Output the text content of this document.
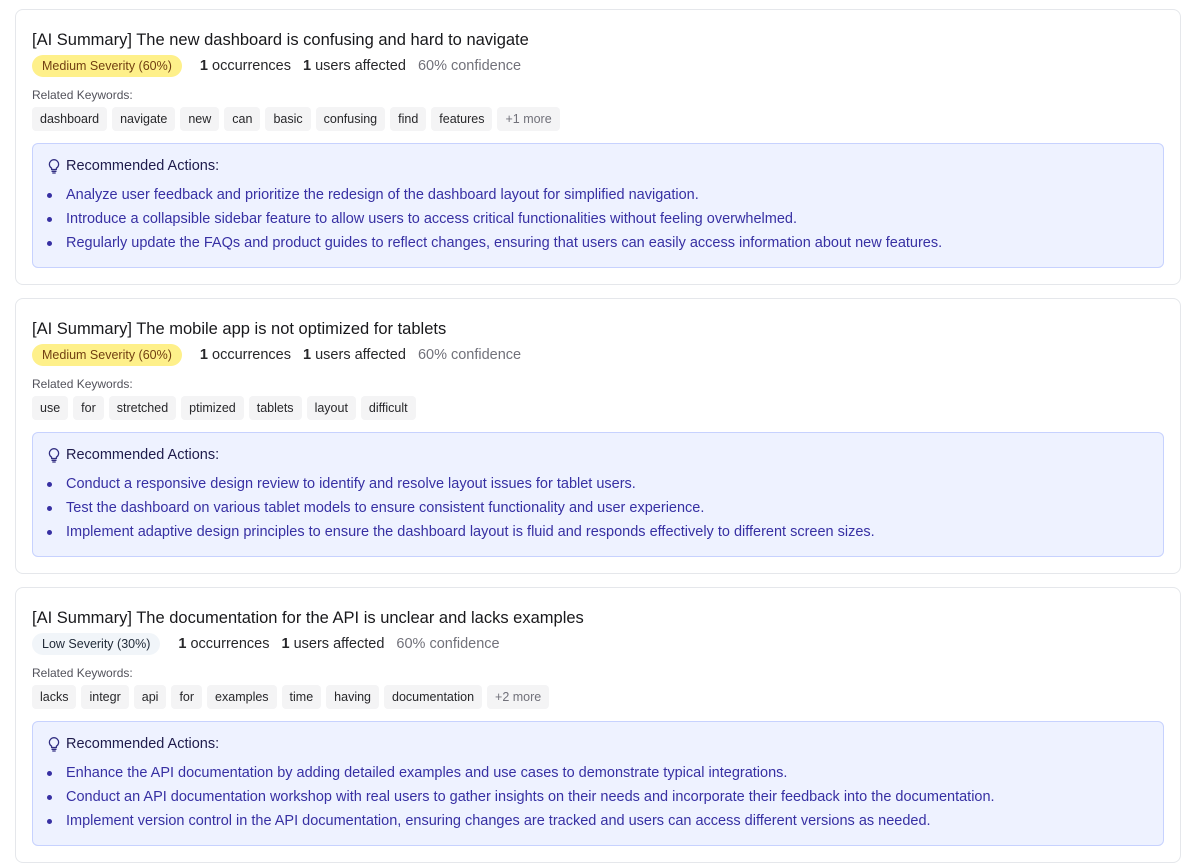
[AI Summary] The new dashboard is confusing and hard to navigate
Medium Severity (60%)	1 occurrences 1 users affected 60% confidence
Related Keywords:
dashboard	navigate	new	can	basic	confusing	find	features	+1 more
Recommended Actions:
Analyze user feedback and prioritize the redesign of the dashboard layout for simplified navigation.
Introduce a collapsible sidebar feature to allow users to access critical functionalities without feeling overwhelmed.
Regularly update the FAQs and product guides to reflect changes, ensuring that users can easily access information about new features.
[AI Summary] The mobile app is not optimized for tablets
Medium Severity (60%)	1 occurrences 1 users affected 60% confidence
Related Keywords:
use	for	stretched	ptimized	tablets	layout	difficult
Recommended Actions:
Conduct a responsive design review to identify and resolve layout issues for tablet users.
Test the dashboard on various tablet models to ensure consistent functionality and user experience.
Implement adaptive design principles to ensure the dashboard layout is fluid and responds effectively to different screen sizes.
[AI Summary] The documentation for the API is unclear and lacks examples
Low Severity (30%)	1 occurrences 1 users affected 60% confidence
Related Keywords:
lacks	integr	api	for	examples	time	having	documentation	+2 more
Recommended Actions:
Enhance the API documentation by adding detailed examples and use cases to demonstrate typical integrations.
Conduct an API documentation workshop with real users to gather insights on their needs and incorporate their feedback into the documentation.
Implement version control in the API documentation, ensuring changes are tracked and users can access different versions as needed.
